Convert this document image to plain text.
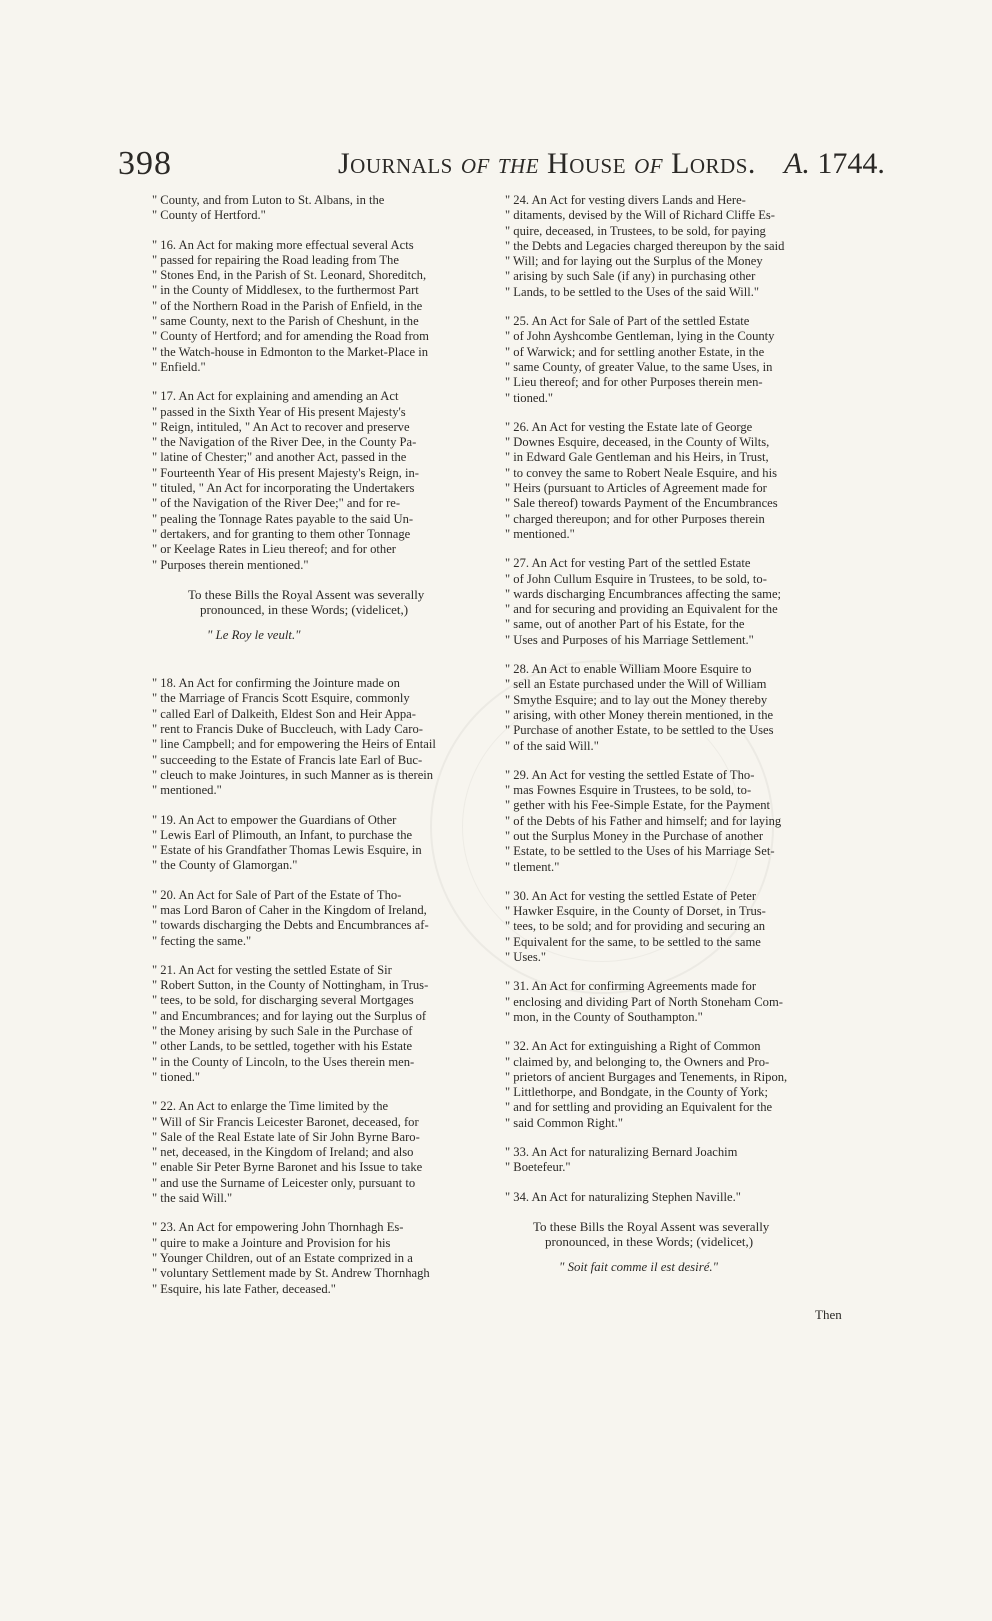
398	Journals of the House of Lords. A. 1744.
" County, and from Luton to St. Albans, in the
" County of Hertford."
" 16. An Act for making more effectual several Acts
" passed for repairing the Road leading from The
" Stones End, in the Parish of St. Leonard, Shoreditch,
" in the County of Middlesex, to the furthermost Part
" of the Northern Road in the Parish of Enfield, in the
" same County, next to the Parish of Cheshunt, in the
" County of Hertford; and for amending the Road from
" the Watch-house in Edmonton to the Market-Place in
" Enfield."
" 17. An Act for explaining and amending an Act
" passed in the Sixth Year of His present Majesty's
" Reign, intituled, " An Act to recover and preserve
" the Navigation of the River Dee, in the County Pa-
" latine of Chester;" and another Act, passed in the
" Fourteenth Year of His present Majesty's Reign, in-
" tituled, " An Act for incorporating the Undertakers
" of the Navigation of the River Dee;" and for re-
" pealing the Tonnage Rates payable to the said Un-
" dertakers, and for granting to them other Tonnage
" or Keelage Rates in Lieu thereof; and for other
" Purposes therein mentioned."
To these Bills the Royal Assent was severally
pronounced, in these Words; (videlicet,)
" Le Roy le veult."
" 18. An Act for confirming the Jointure made on
" the Marriage of Francis Scott Esquire, commonly
" called Earl of Dalkeith, Eldest Son and Heir Appa-
" rent to Francis Duke of Buccleuch, with Lady Caro-
" line Campbell; and for empowering the Heirs of Entail
" succeeding to the Estate of Francis late Earl of Buc-
" cleuch to make Jointures, in such Manner as is therein
" mentioned."
" 19. An Act to empower the Guardians of Other
" Lewis Earl of Plimouth, an Infant, to purchase the
" Estate of his Grandfather Thomas Lewis Esquire, in
" the County of Glamorgan."
" 20. An Act for Sale of Part of the Estate of Tho-
" mas Lord Baron of Caher in the Kingdom of Ireland,
" towards discharging the Debts and Encumbrances af-
" fecting the same."
" 21. An Act for vesting the settled Estate of Sir
" Robert Sutton, in the County of Nottingham, in Trus-
" tees, to be sold, for discharging several Mortgages
" and Encumbrances; and for laying out the Surplus of
" the Money arising by such Sale in the Purchase of
" other Lands, to be settled, together with his Estate
" in the County of Lincoln, to the Uses therein men-
" tioned."
" 22. An Act to enlarge the Time limited by the
" Will of Sir Francis Leicester Baronet, deceased, for
" Sale of the Real Estate late of Sir John Byrne Baro-
" net, deceased, in the Kingdom of Ireland; and also
" enable Sir Peter Byrne Baronet and his Issue to take
" and use the Surname of Leicester only, pursuant to
" the said Will."
" 23. An Act for empowering John Thornhagh Es-
" quire to make a Jointure and Provision for his
" Younger Children, out of an Estate comprized in a
" voluntary Settlement made by St. Andrew Thornhagh
" Esquire, his late Father, deceased."
" 24. An Act for vesting divers Lands and Here-
" ditaments, devised by the Will of Richard Cliffe Es-
" quire, deceased, in Trustees, to be sold, for paying
" the Debts and Legacies charged thereupon by the said
" Will; and for laying out the Surplus of the Money
" arising by such Sale (if any) in purchasing other
" Lands, to be settled to the Uses of the said Will."
" 25. An Act for Sale of Part of the settled Estate
" of John Ayshcombe Gentleman, lying in the County
" of Warwick; and for settling another Estate, in the
" same County, of greater Value, to the same Uses, in
" Lieu thereof; and for other Purposes therein men-
" tioned."
" 26. An Act for vesting the Estate late of George
" Downes Esquire, deceased, in the County of Wilts,
" in Edward Gale Gentleman and his Heirs, in Trust,
" to convey the same to Robert Neale Esquire, and his
" Heirs (pursuant to Articles of Agreement made for
" Sale thereof) towards Payment of the Encumbrances
" charged thereupon; and for other Purposes therein
" mentioned."
" 27. An Act for vesting Part of the settled Estate
" of John Cullum Esquire in Trustees, to be sold, to-
" wards discharging Encumbrances affecting the same;
" and for securing and providing an Equivalent for the
" same, out of another Part of his Estate, for the
" Uses and Purposes of his Marriage Settlement."
" 28. An Act to enable William Moore Esquire to
" sell an Estate purchased under the Will of William
" Smythe Esquire; and to lay out the Money thereby
" arising, with other Money therein mentioned, in the
" Purchase of another Estate, to be settled to the Uses
" of the said Will."
" 29. An Act for vesting the settled Estate of Tho-
" mas Fownes Esquire in Trustees, to be sold, to-
" gether with his Fee-Simple Estate, for the Payment
" of the Debts of his Father and himself; and for laying
" out the Surplus Money in the Purchase of another
" Estate, to be settled to the Uses of his Marriage Set-
" tlement."
" 30. An Act for vesting the settled Estate of Peter
" Hawker Esquire, in the County of Dorset, in Trus-
" tees, to be sold; and for providing and securing an
" Equivalent for the same, to be settled to the same
" Uses."
" 31. An Act for confirming Agreements made for
" enclosing and dividing Part of North Stoneham Com-
" mon, in the County of Southampton."
" 32. An Act for extinguishing a Right of Common
" claimed by, and belonging to, the Owners and Pro-
" prietors of ancient Burgages and Tenements, in Ripon,
" Littlethorpe, and Bondgate, in the County of York;
" and for settling and providing an Equivalent for the
" said Common Right."
" 33. An Act for naturalizing Bernard Joachim
" Boetefeur."
" 34. An Act for naturalizing Stephen Naville."
To these Bills the Royal Assent was severally
pronounced, in these Words; (videlicet,)
" Soit fait comme il est desiré."
Then
